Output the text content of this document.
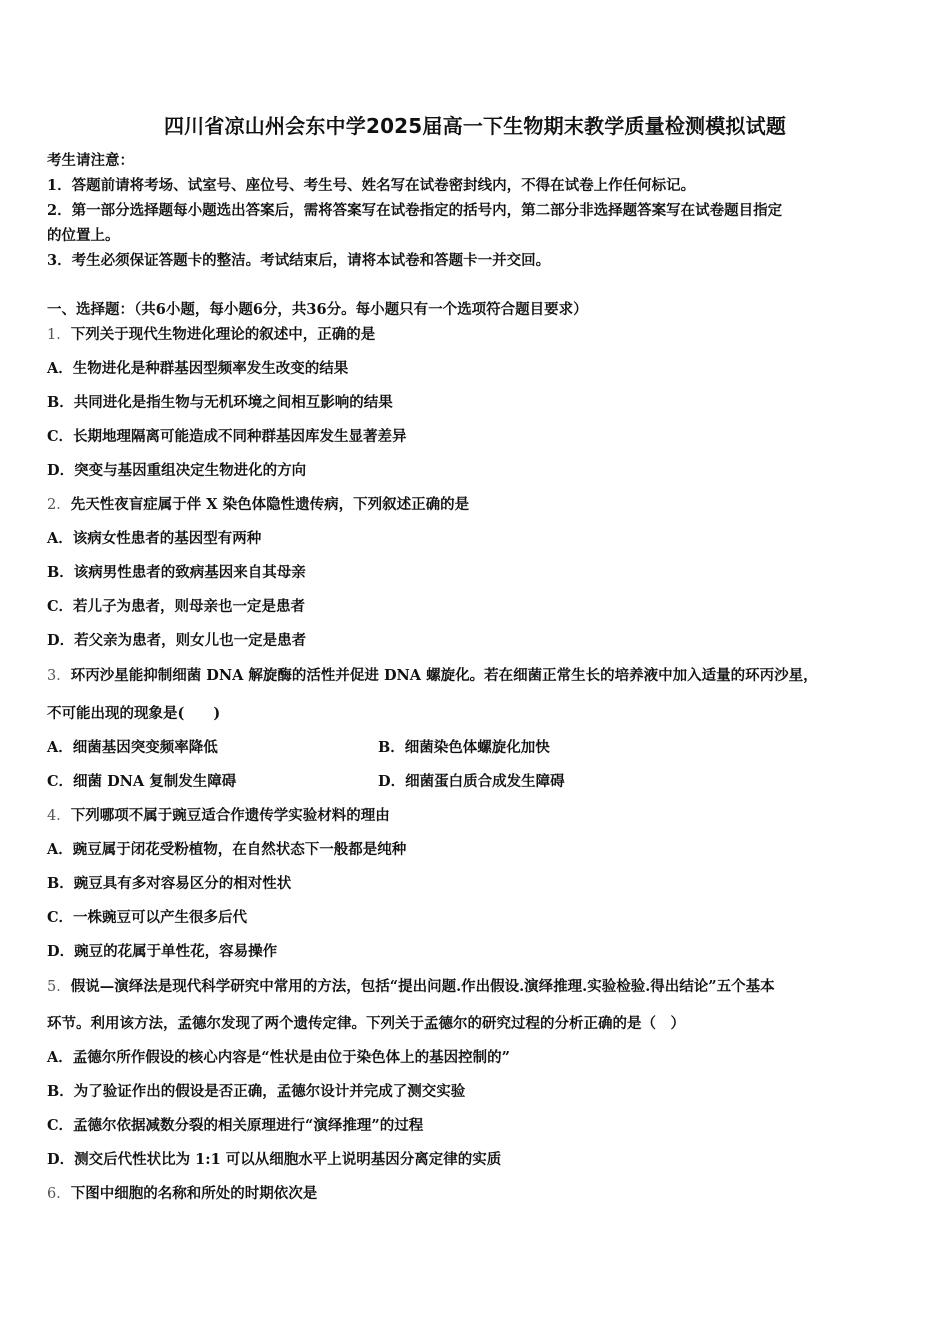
四川省凉山州会东中学2025届高一下生物期末教学质量检测模拟试题
考生请注意：
1．答题前请将考场、试室号、座位号、考生号、姓名写在试卷密封线内，不得在试卷上作任何标记。
2．第一部分选择题每小题选出答案后，需将答案写在试卷指定的括号内，第二部分非选择题答案写在试卷题目指定
的位置上。
3．考生必须保证答题卡的整洁。考试结束后，请将本试卷和答题卡一并交回。
一、选择题：（共6小题，每小题6分，共36分。每小题只有一个选项符合题目要求）
1．下列关于现代生物进化理论的叙述中，正确的是
A．生物进化是种群基因型频率发生改变的结果
B．共同进化是指生物与无机环境之间相互影响的结果
C．长期地理隔离可能造成不同种群基因库发生显著差异
D．突变与基因重组决定生物进化的方向
2．先天性夜盲症属于伴 X 染色体隐性遗传病，下列叙述正确的是
A．该病女性患者的基因型有两种
B．该病男性患者的致病基因来自其母亲
C．若儿子为患者，则母亲也一定是患者
D．若父亲为患者，则女儿也一定是患者
3．环丙沙星能抑制细菌 DNA 解旋酶的活性并促进 DNA 螺旋化。若在细菌正常生长的培养液中加入适量的环丙沙星，
不可能出现的现象是(　　)
A．细菌基因突变频率降低	B．细菌染色体螺旋化加快
C．细菌 DNA 复制发生障碍	D．细菌蛋白质合成发生障碍
4．下列哪项不属于豌豆适合作遗传学实验材料的理由
A．豌豆属于闭花受粉植物，在自然状态下一般都是纯种
B．豌豆具有多对容易区分的相对性状
C．一株豌豆可以产生很多后代
D．豌豆的花属于单性花，容易操作
5．假说—演绎法是现代科学研究中常用的方法，包括“提出问题.作出假设.演绎推理.实验检验.得出结论”五个基本
环节。利用该方法，孟德尔发现了两个遗传定律。下列关于孟德尔的研究过程的分析正确的是（　）
A．孟德尔所作假设的核心内容是“性状是由位于染色体上的基因控制的”
B．为了验证作出的假设是否正确，孟德尔设计并完成了测交实验
C．孟德尔依据减数分裂的相关原理进行“演绎推理”的过程
D．测交后代性状比为 1:1 可以从细胞水平上说明基因分离定律的实质
6．下图中细胞的名称和所处的时期依次是
